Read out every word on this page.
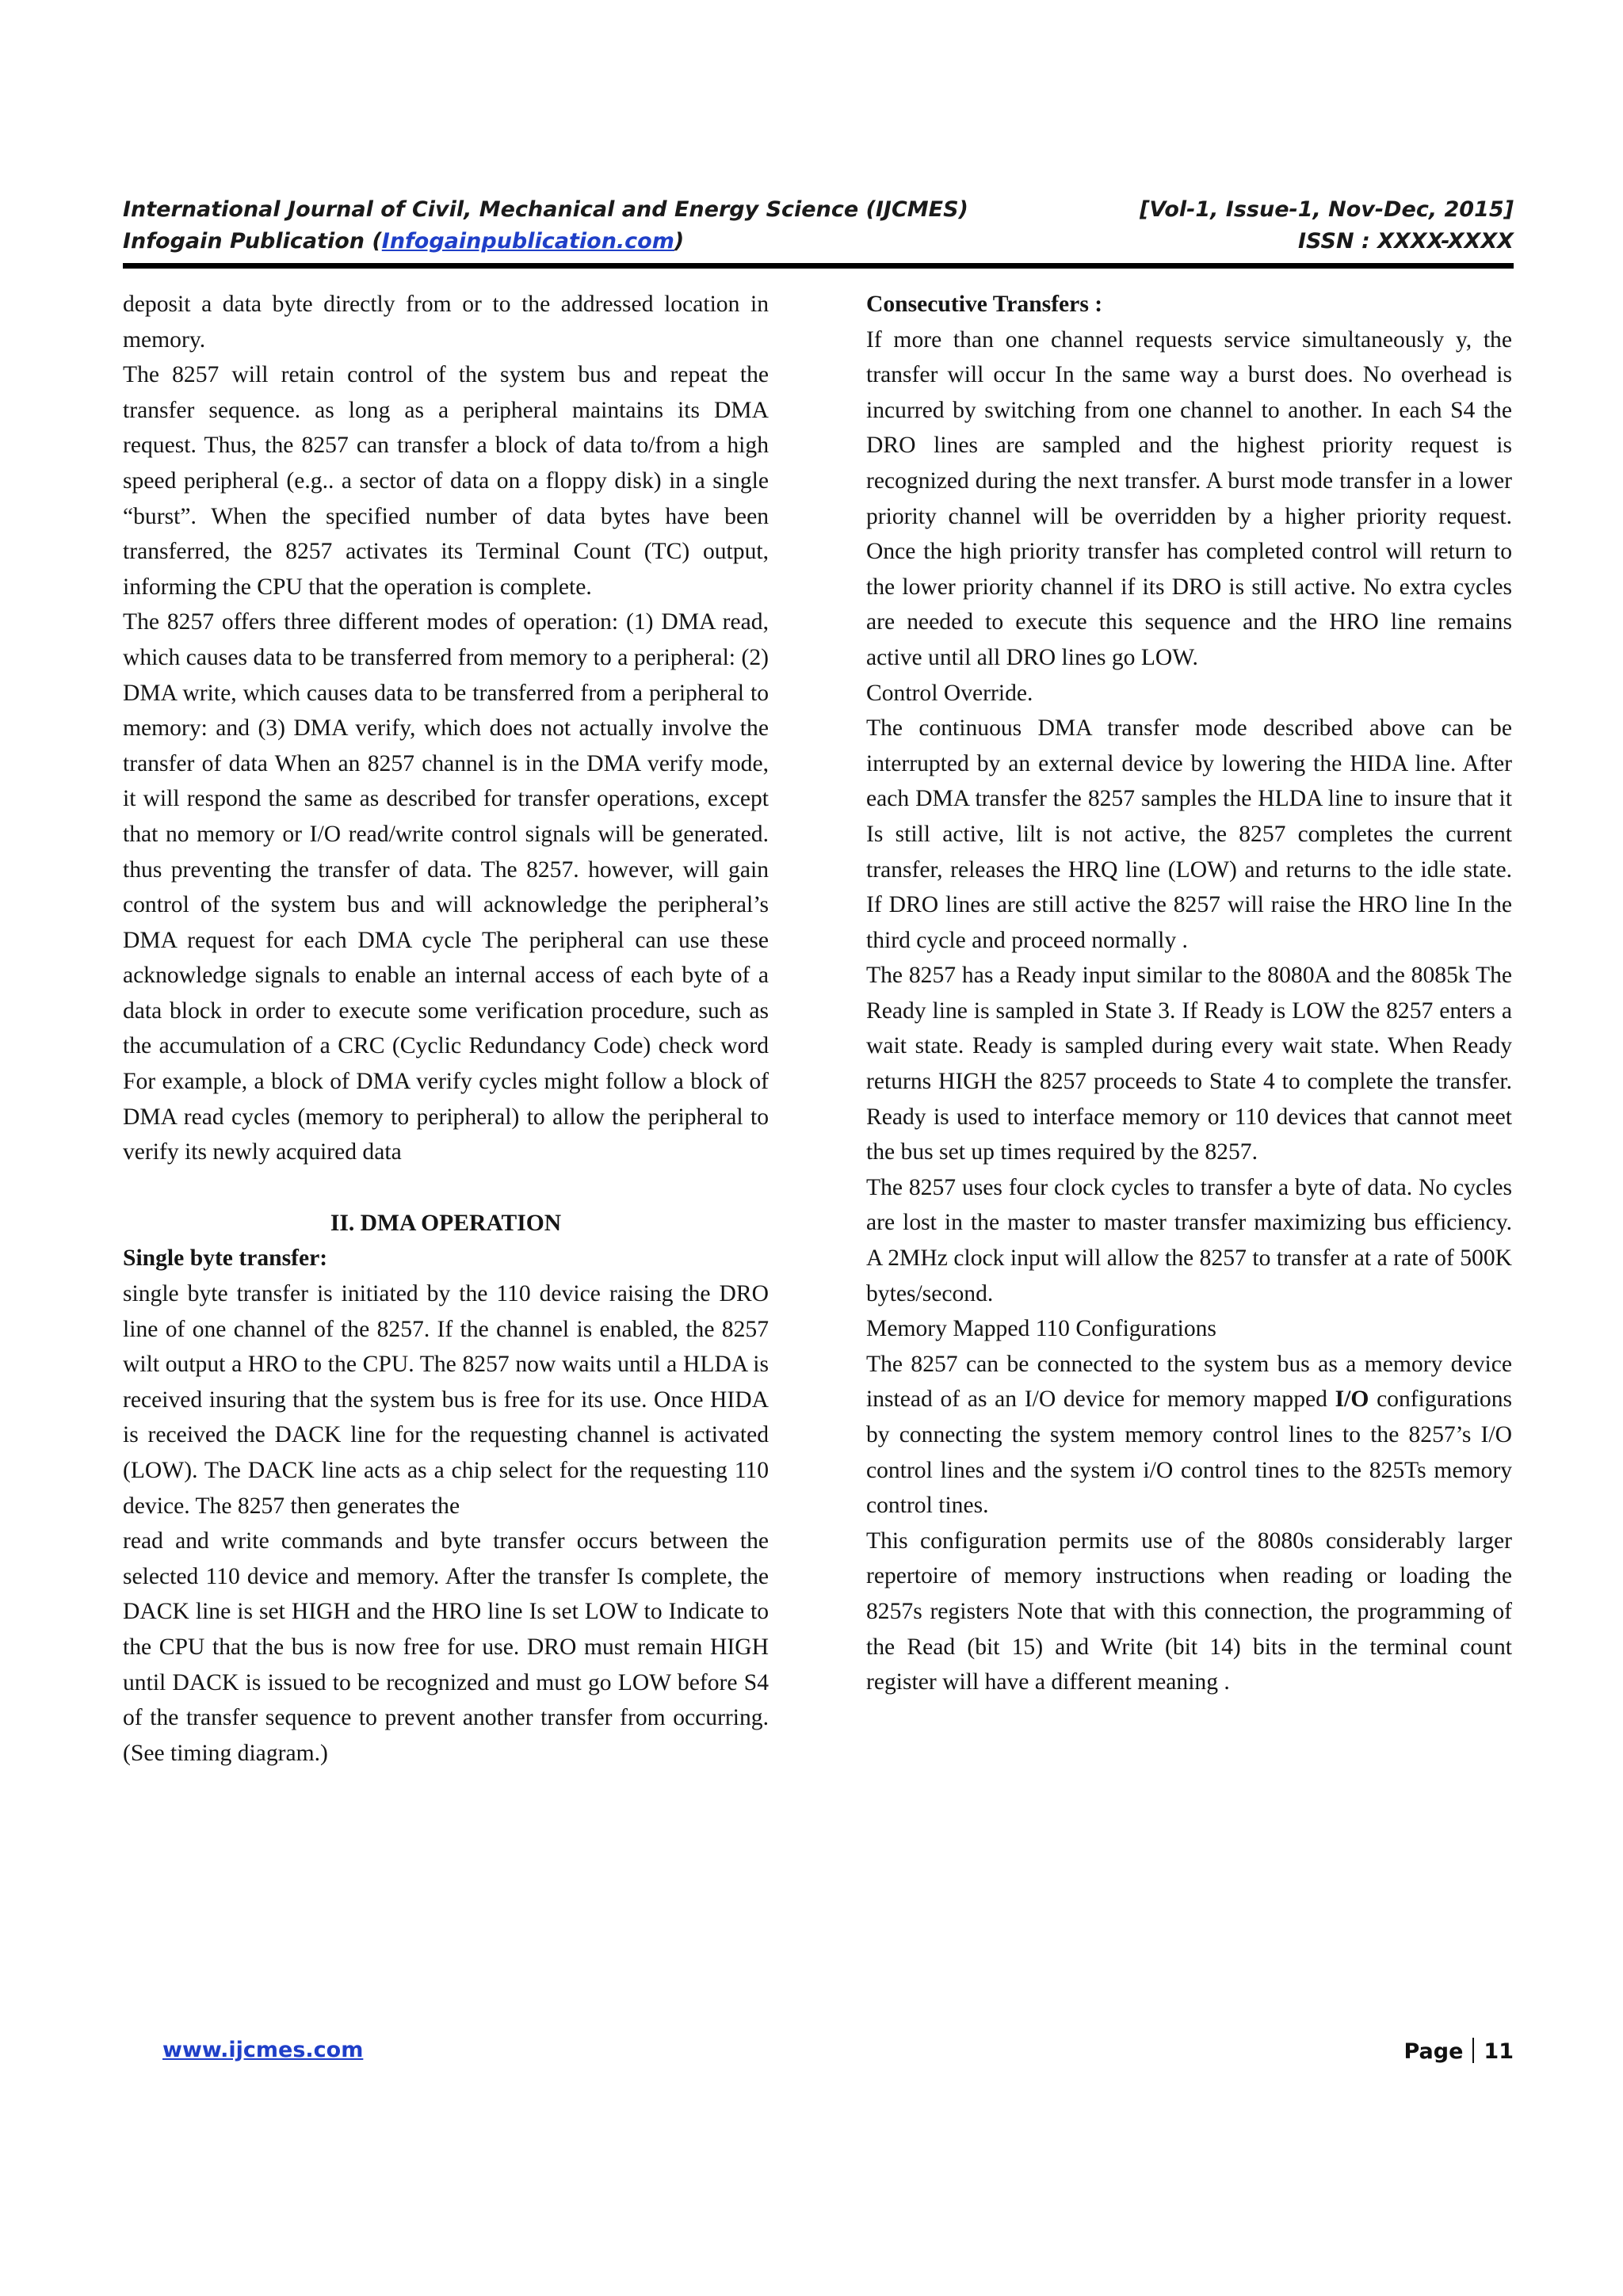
International Journal of Civil, Mechanical and Energy Science (IJCMES)	[Vol-1, Issue-1, Nov-Dec, 2015]
Infogain Publication (Infogainpublication.com)	ISSN : XXXX-XXXX

deposit a data byte directly from or to the addressed location in memory.

The 8257 will retain control of the system bus and repeat the transfer sequence. as long as a peripheral maintains its DMA request. Thus, the 8257 can transfer a block of data to/from a high speed peripheral (e.g.. a sector of data on a floppy disk) in a single “burst”. When the specified number of data bytes have been transferred, the 8257 activates its Terminal Count (TC) output, informing the CPU that the operation is complete.

The 8257 offers three different modes of operation: (1) DMA read, which causes data to be transferred from memory to a peripheral: (2) DMA write, which causes data to be transferred from a peripheral to memory: and (3) DMA verify, which does not actually involve the transfer of data When an 8257 channel is in the DMA verify mode, it will respond the same as described for transfer operations, except that no memory or I/O read/write control signals will be generated. thus preventing the transfer of data. The 8257. however, will gain control of the system bus and will acknowledge the peripheral’s DMA request for each DMA cycle The peripheral can use these acknowledge signals to enable an internal access of each byte of a data block in order to execute some verification procedure, such as the accumulation of a CRC (Cyclic Redundancy Code) check word For example, a block of DMA verify cycles might follow a block of DMA read cycles (memory to peripheral) to allow the peripheral to verify its newly acquired data

II. DMA OPERATION

Single byte transfer:

single byte transfer is initiated by the 110 device raising the DRO line of one channel of the 8257. If the channel is enabled, the 8257 wilt output a HRO to the CPU. The 8257 now waits until a HLDA is received insuring that the system bus is free for its use. Once HIDA is received the DACK line for the requesting channel is activated (LOW). The DACK line acts as a chip select for the requesting 110 device. The 8257 then generates the

read and write commands and byte transfer occurs between the selected 110 device and memory. After the transfer Is complete, the DACK line is set HIGH and the HRO line Is set LOW to Indicate to the CPU that the bus is now free for use. DRO must remain HIGH until DACK is issued to be recognized and must go LOW before S4 of the transfer sequence to prevent another transfer from occurring. (See timing diagram.)

Consecutive Transfers :

If more than one channel requests service simultaneously y, the transfer will occur In the same way a burst does. No overhead is incurred by switching from one channel to another. In each S4 the DRO lines are sampled and the highest priority request is recognized during the next transfer. A burst mode transfer in a lower priority channel will be overridden by a higher priority request. Once the high priority transfer has completed control will return to the lower priority channel if its DRO is still active. No extra cycles are needed to execute this sequence and the HRO line remains active until all DRO lines go LOW.

Control Override.

The continuous DMA transfer mode described above can be interrupted by an external device by lowering the HIDA line. After each DMA transfer the 8257 samples the HLDA line to insure that it Is still active, lilt is not active, the 8257 completes the current transfer, releases the HRQ line (LOW) and returns to the idle state. If DRO lines are still active the 8257 will raise the HRO line In the third cycle and proceed normally .

The 8257 has a Ready input similar to the 8080A and the 8085k The Ready line is sampled in State 3. If Ready is LOW the 8257 enters a wait state. Ready is sampled during every wait state. When Ready returns HIGH the 8257 proceeds to State 4 to complete the transfer. Ready is used to interface memory or 110 devices that cannot meet the bus set up times required by the 8257.

The 8257 uses four clock cycles to transfer a byte of data. No cycles are lost in the master to master transfer maximizing bus efficiency. A 2MHz clock input will allow the 8257 to transfer at a rate of 500K bytes/second.

Memory Mapped 110 Configurations

The 8257 can be connected to the system bus as a memory device instead of as an I/O device for memory mapped I/O configurations by connecting the system memory control lines to the 8257’s I/O control lines and the system i/O control tines to the 825Ts memory control tines.

This configuration permits use of the 8080s considerably larger repertoire of memory instructions when reading or loading the 8257s registers Note that with this connection, the programming of the Read (bit 15) and Write (bit 14) bits in the terminal count register will have a different meaning .

www.ijcmes.com	Page 11
